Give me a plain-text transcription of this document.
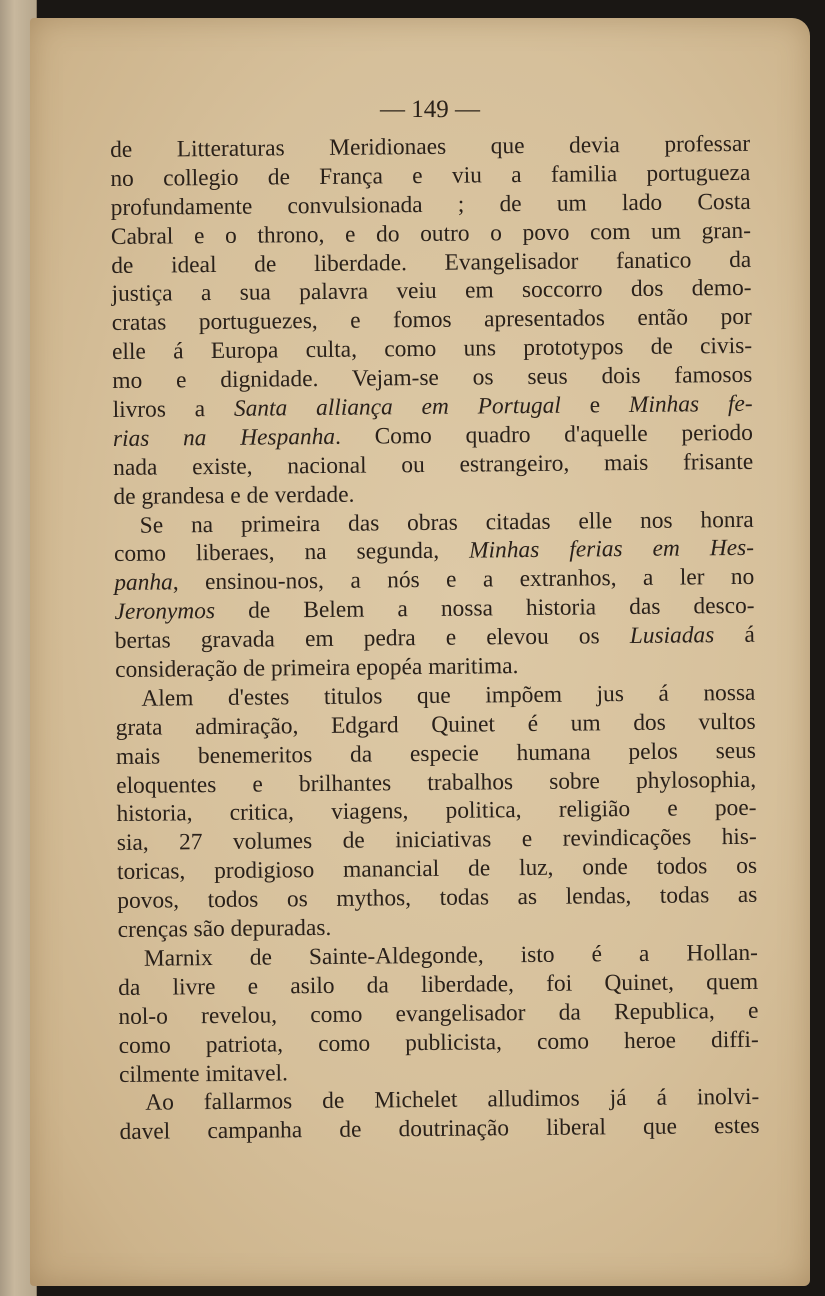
— 149 —

de Litteraturas Meridionaes que devia professar
no collegio de França e viu a familia portugueza
profundamente convulsionada ; de um lado Costa
Cabral e o throno, e do outro o povo com um gran-
de ideal de liberdade. Evangelisador fanatico da
justiça a sua palavra veiu em soccorro dos demo-
cratas portuguezes, e fomos apresentados então por
elle á Europa culta, como uns prototypos de civis-
mo e dignidade. Vejam-se os seus dois famosos
livros a Santa alliança em Portugal e Minhas fe-
rias na Hespanha. Como quadro d'aquelle periodo
nada existe, nacional ou estrangeiro, mais frisante
de grandesa e de verdade.
Se na primeira das obras citadas elle nos honra
como liberaes, na segunda, Minhas ferias em Hes-
panha, ensinou-nos, a nós e a extranhos, a ler no
Jeronymos de Belem a nossa historia das desco-
bertas gravada em pedra e elevou os Lusiadas á
consideração de primeira epopéa maritima.
Alem d'estes titulos que impõem jus á nossa
grata admiração, Edgard Quinet é um dos vultos
mais benemeritos da especie humana pelos seus
eloquentes e brilhantes trabalhos sobre phylosophia,
historia, critica, viagens, politica, religião e poe-
sia, 27 volumes de iniciativas e revindicações his-
toricas, prodigioso manancial de luz, onde todos os
povos, todos os mythos, todas as lendas, todas as
crenças são depuradas.
Marnix de Sainte-Aldegonde, isto é a Hollan-
da livre e asilo da liberdade, foi Quinet, quem
nol-o revelou, como evangelisador da Republica, e
como patriota, como publicista, como heroe diffi-
cilmente imitavel.
Ao fallarmos de Michelet alludimos já á inolvi-
davel campanha de doutrinação liberal que estes
